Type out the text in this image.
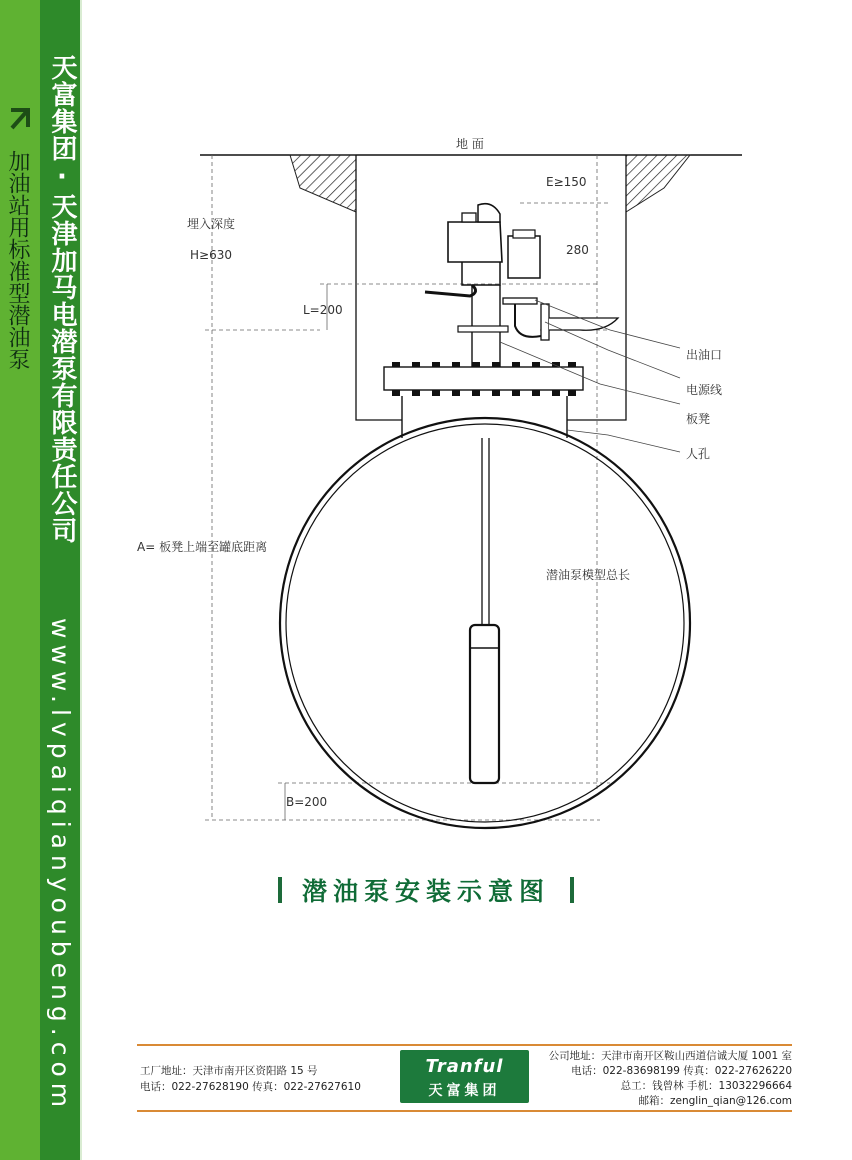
加油站用标准型潜油泵 天富集团·天津加马电潜泵有限责任公司

www.lvpaiqianyoubeng.com

地 面
E≥150
280
埋入深度
H≥630
L=200
出油口
电源线
板凳
人孔
A= 板凳上端至罐底距离
潜油泵模型总长
B=200
潜油泵安装示意图
工厂地址：天津市南开区资阳路 15 号
电话：022-27628190 传真：022-27627610
Tranful
天富集团
公司地址：天津市南开区鞍山西道信诚大厦 1001 室
电话：022-83698199 传真：022-27626220
总工：钱曾林 手机：13032296664
邮箱：zenglin_qian@126.com
